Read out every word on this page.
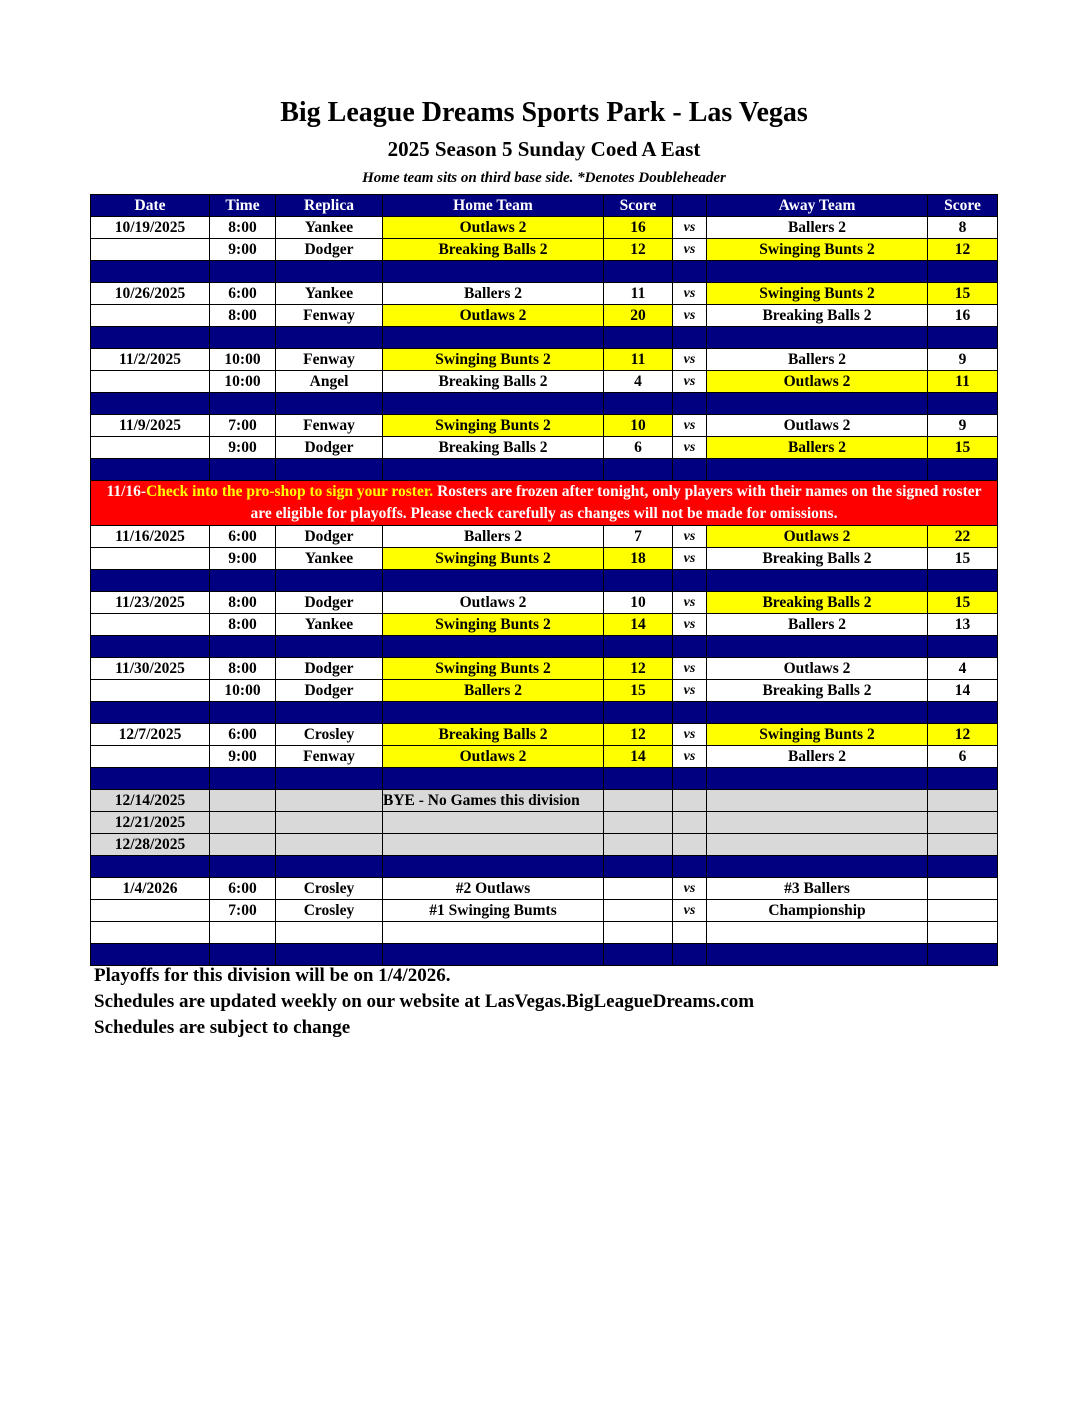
Big League Dreams Sports Park - Las Vegas
2025 Season 5 Sunday Coed A East
Home team sits on third base side. *Denotes Doubleheader
Date	Time	Replica	Home Team	Score		Away Team	Score
10/19/2025	8:00	Yankee	Outlaws 2	16	vs	Ballers 2	8
	9:00	Dodger	Breaking Balls 2	12	vs	Swinging Bunts 2	12

10/26/2025	6:00	Yankee	Ballers 2	11	vs	Swinging Bunts 2	15
	8:00	Fenway	Outlaws 2	20	vs	Breaking Balls 2	16

11/2/2025	10:00	Fenway	Swinging Bunts 2	11	vs	Ballers 2	9
	10:00	Angel	Breaking Balls 2	4	vs	Outlaws 2	11

11/9/2025	7:00	Fenway	Swinging Bunts 2	10	vs	Outlaws 2	9
	9:00	Dodger	Breaking Balls 2	6	vs	Ballers 2	15

11/16-Check into the pro-shop to sign your roster. Rosters are frozen after tonight, only players with their names on the signed roster are eligible for playoffs. Please check carefully as changes will not be made for omissions.							
11/16/2025	6:00	Dodger	Ballers 2	7	vs	Outlaws 2	22
	9:00	Yankee	Swinging Bunts 2	18	vs	Breaking Balls 2	15

11/23/2025	8:00	Dodger	Outlaws 2	10	vs	Breaking Balls 2	15
	8:00	Yankee	Swinging Bunts 2	14	vs	Ballers 2	13

11/30/2025	8:00	Dodger	Swinging Bunts 2	12	vs	Outlaws 2	4
	10:00	Dodger	Ballers 2	15	vs	Breaking Balls 2	14

12/7/2025	6:00	Crosley	Breaking Balls 2	12	vs	Swinging Bunts 2	12
	9:00	Fenway	Outlaws 2	14	vs	Ballers 2	6

12/14/2025			BYE - No Games this division				
12/21/2025							
12/28/2025							

1/4/2026	6:00	Crosley	#2 Outlaws		vs	#3 Ballers	
	7:00	Crosley	#1 Swinging Bumts		vs	Championship	

Playoffs for this division will be on 1/4/2026.
Schedules are updated weekly on our website at LasVegas.BigLeagueDreams.com
Schedules are subject to change
